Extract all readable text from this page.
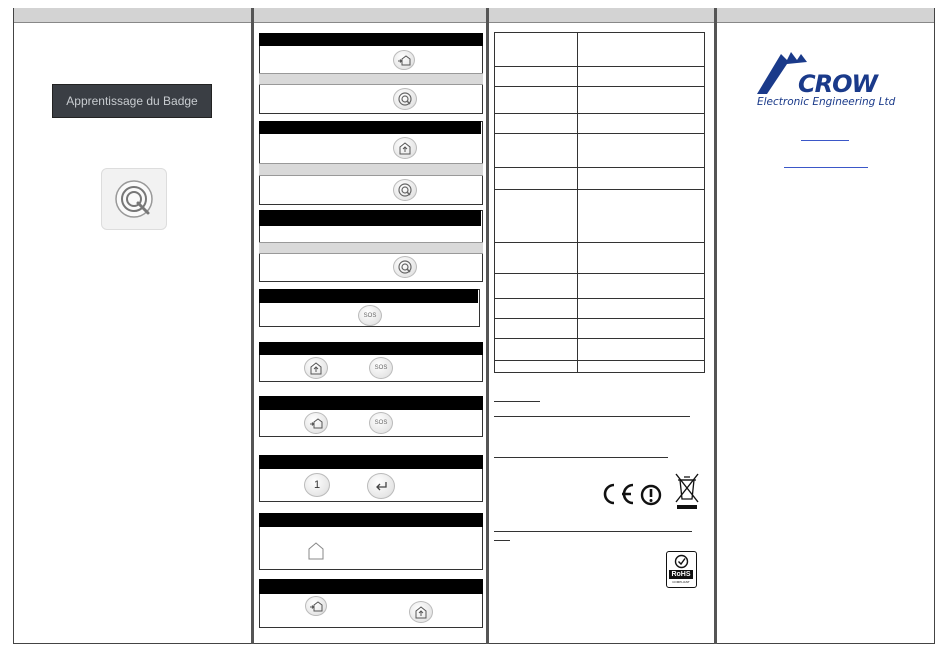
Apprentissage du Badge
SOS
SOS
SOS
1

RoHS
COMPLIANT
CROW
Electronic Engineering Ltd
